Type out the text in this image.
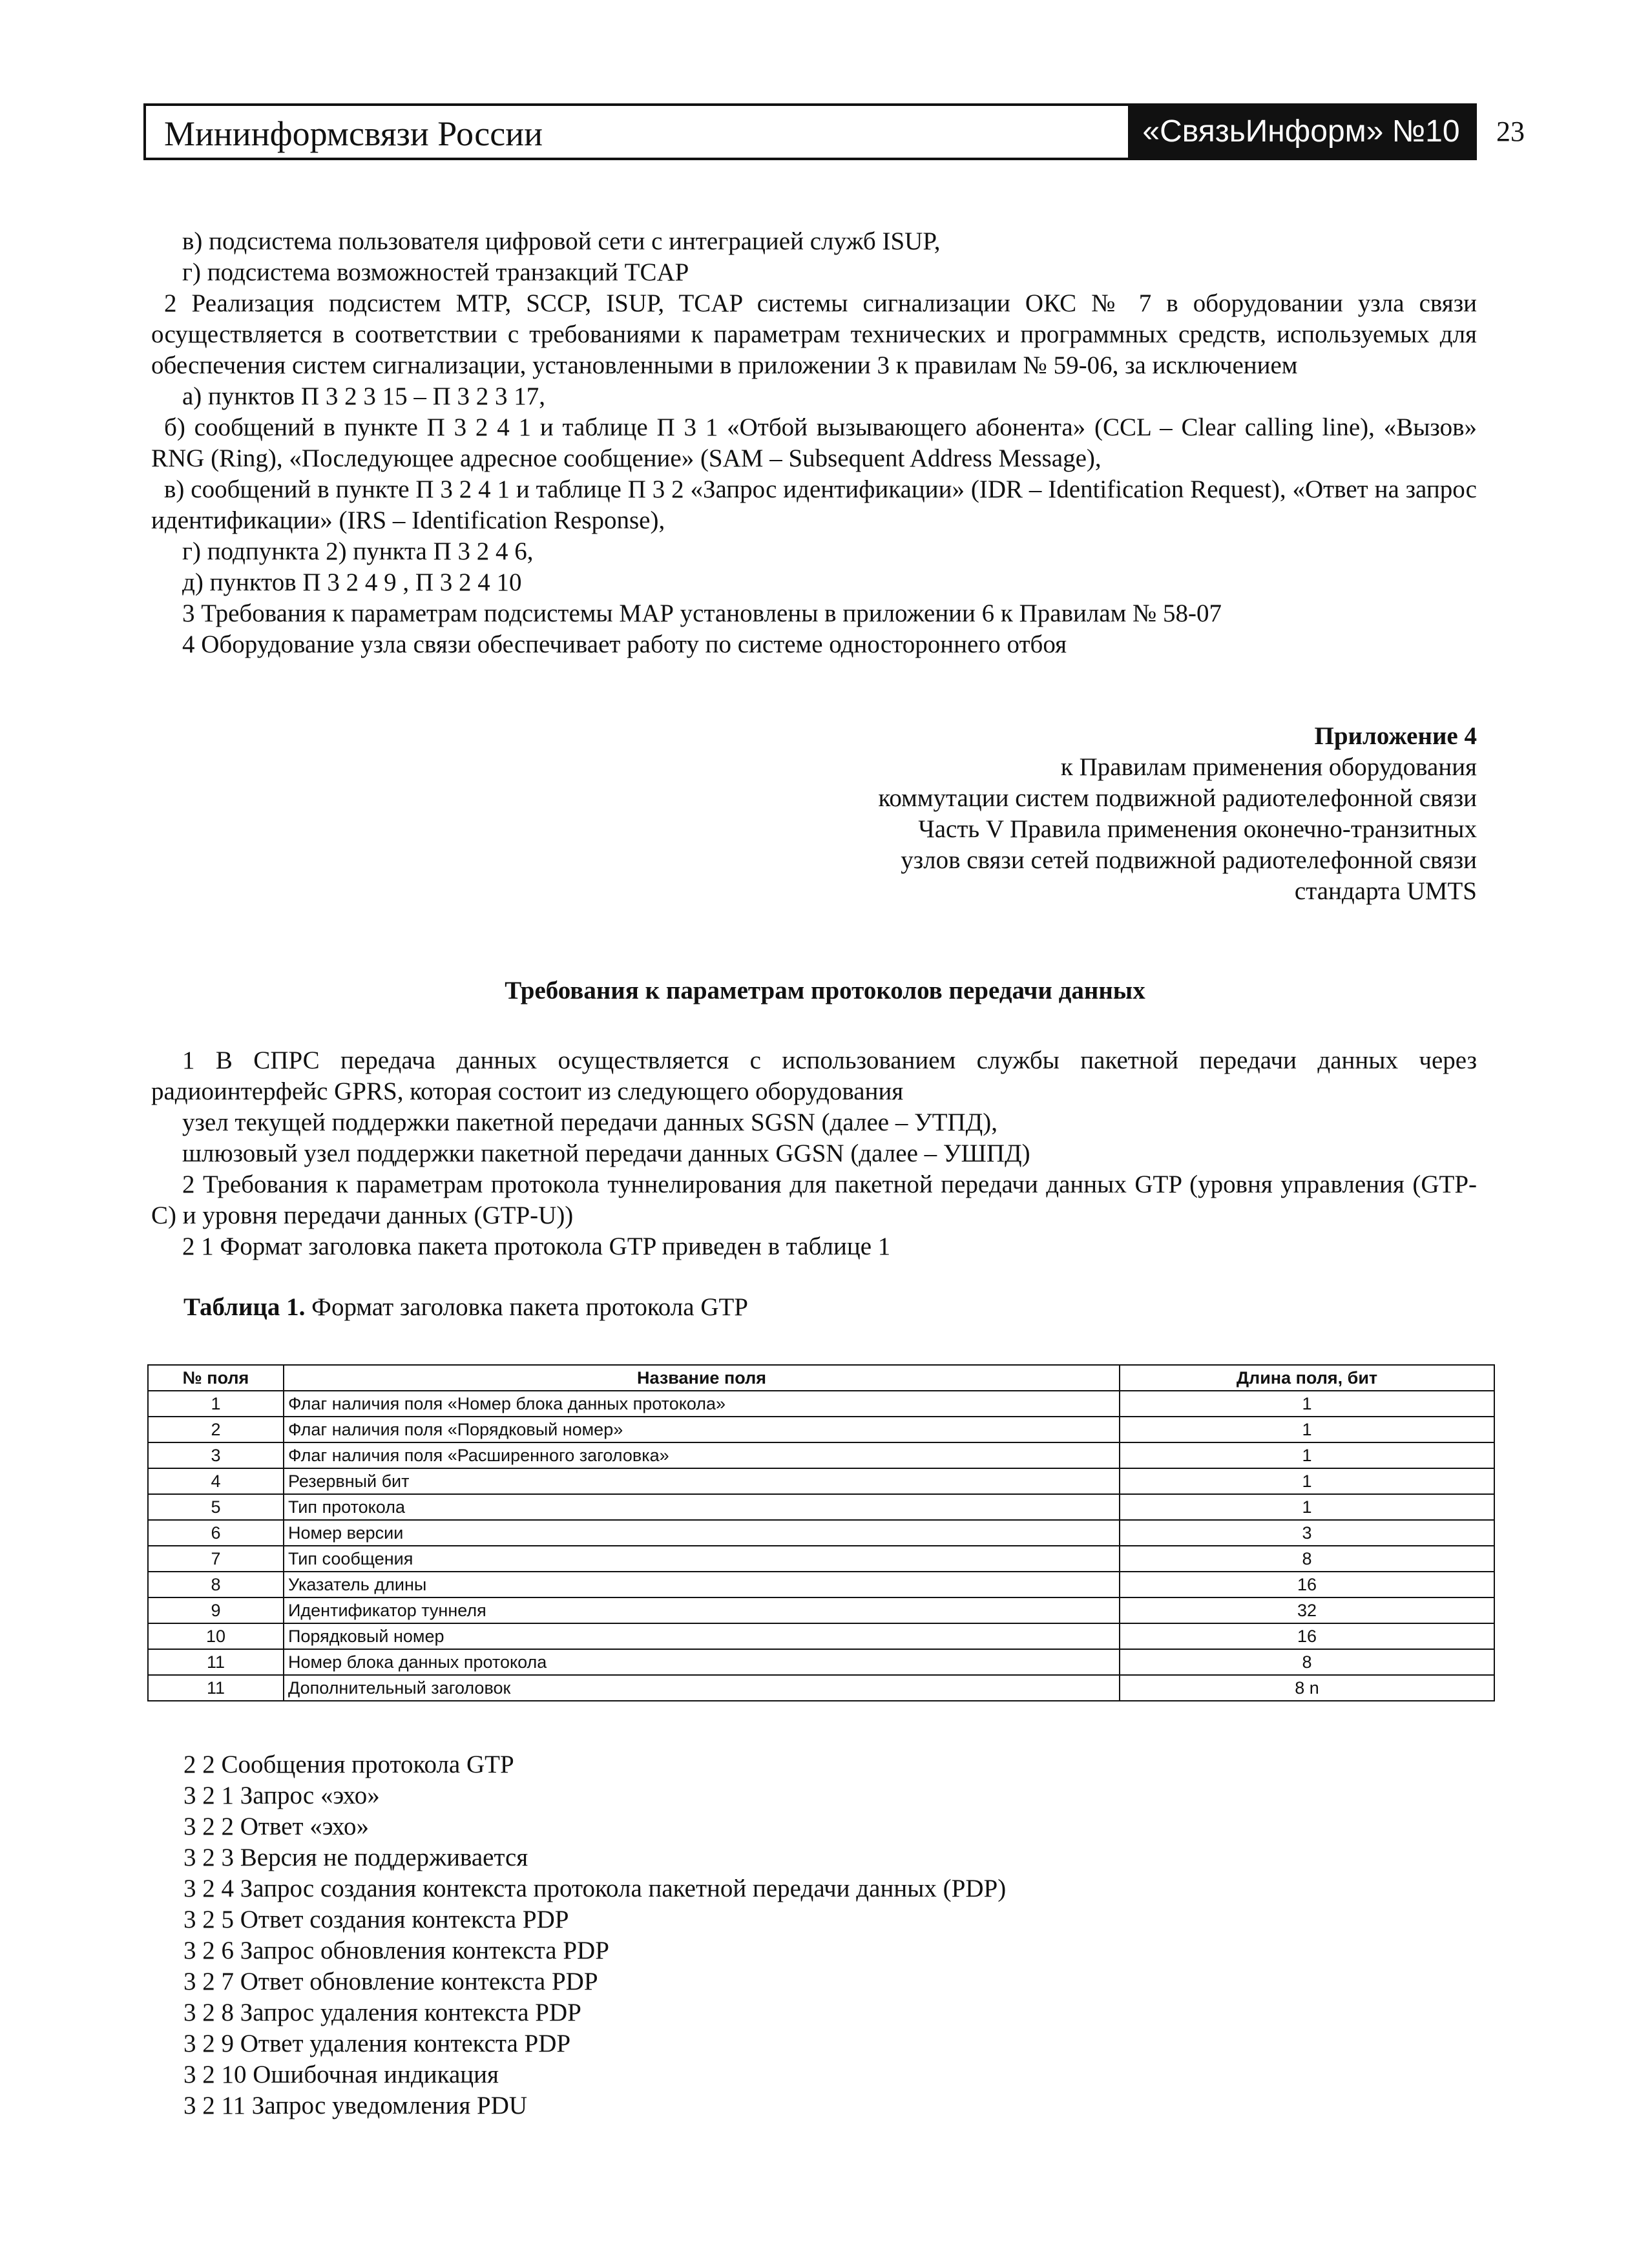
Мининформсвязи России	«СвязьИнформ» №10	23

в) подсистема пользователя цифровой сети с интеграцией служб ISUP,

г) подсистема возможностей транзакций TCAP

2 Реализация подсистем MTP, SCCP, ISUP, TCAP системы сигнализации ОКС № 7 в оборудовании узла связи осуществляется в соответствии с требованиями к параметрам технических и программных средств, используемых для обеспечения систем сигнализации, установленными в приложении 3 к правилам № 59-06, за исключением

а) пунктов П 3 2 3 15 – П 3 2 3 17,

б) сообщений в пункте П 3 2 4 1 и таблице П 3 1 «Отбой вызывающего абонента» (CCL – Clear calling line), «Вызов» RNG (Ring), «Последующее адресное сообщение» (SAM – Subsequent Address Message),

в) сообщений в пункте П 3 2 4 1 и таблице П 3 2 «Запрос идентификации» (IDR – Identification Request), «Ответ на запрос идентификации» (IRS – Identification Response),

г) подпункта 2) пункта П 3 2 4 6,

д) пунктов П 3 2 4 9 , П 3 2 4 10

3 Требования к параметрам подсистемы МАР установлены в приложении 6 к Правилам № 58-07

4 Оборудование узла связи обеспечивает работу по системе одностороннего отбоя

Приложение 4
к Правилам применения оборудования
коммутации систем подвижной радиотелефонной связи
Часть V Правила применения оконечно-транзитных
узлов связи сетей подвижной радиотелефонной связи
стандарта UMTS
Требования к параметрам протоколов передачи данных

1 В СПРС передача данных осуществляется с использованием службы пакетной передачи данных через радиоинтерфейс GPRS, которая состоит из следующего оборудования

узел текущей поддержки пакетной передачи данных SGSN (далее – УТПД),

шлюзовый узел поддержки пакетной передачи данных GGSN (далее – УШПД)

2 Требования к параметрам протокола туннелирования для пакетной передачи данных GTP (уровня управления (GTP-C) и уровня передачи данных (GTP-U))

2 1 Формат заголовка пакета протокола GTP приведен в таблице 1

Таблица 1. Формат заголовка пакета протокола GTP
№ поля	Название поля	Длина поля, бит
1	Флаг наличия поля «Номер блока данных протокола»	1
2	Флаг наличия поля «Порядковый номер»	1
3	Флаг наличия поля «Расширенного заголовка»	1
4	Резервный бит	1
5	Тип протокола	1
6	Номер версии	3
7	Тип сообщения	8
8	Указатель длины	16
9	Идентификатор туннеля	32
10	Порядковый номер	16
11	Номер блока данных протокола	8
11	Дополнительный заголовок	8 n

2 2 Сообщения протокола GTP

3 2 1 Запрос «эхо»

3 2 2 Ответ «эхо»

3 2 3 Версия не поддерживается

3 2 4 Запрос создания контекста протокола пакетной передачи данных (PDP)

3 2 5 Ответ создания контекста PDP

3 2 6 Запрос обновления контекста PDP

3 2 7 Ответ обновление контекста PDP

3 2 8 Запрос удаления контекста PDP

3 2 9 Ответ удаления контекста PDP

3 2 10 Ошибочная индикация

3 2 11 Запрос уведомления PDU
